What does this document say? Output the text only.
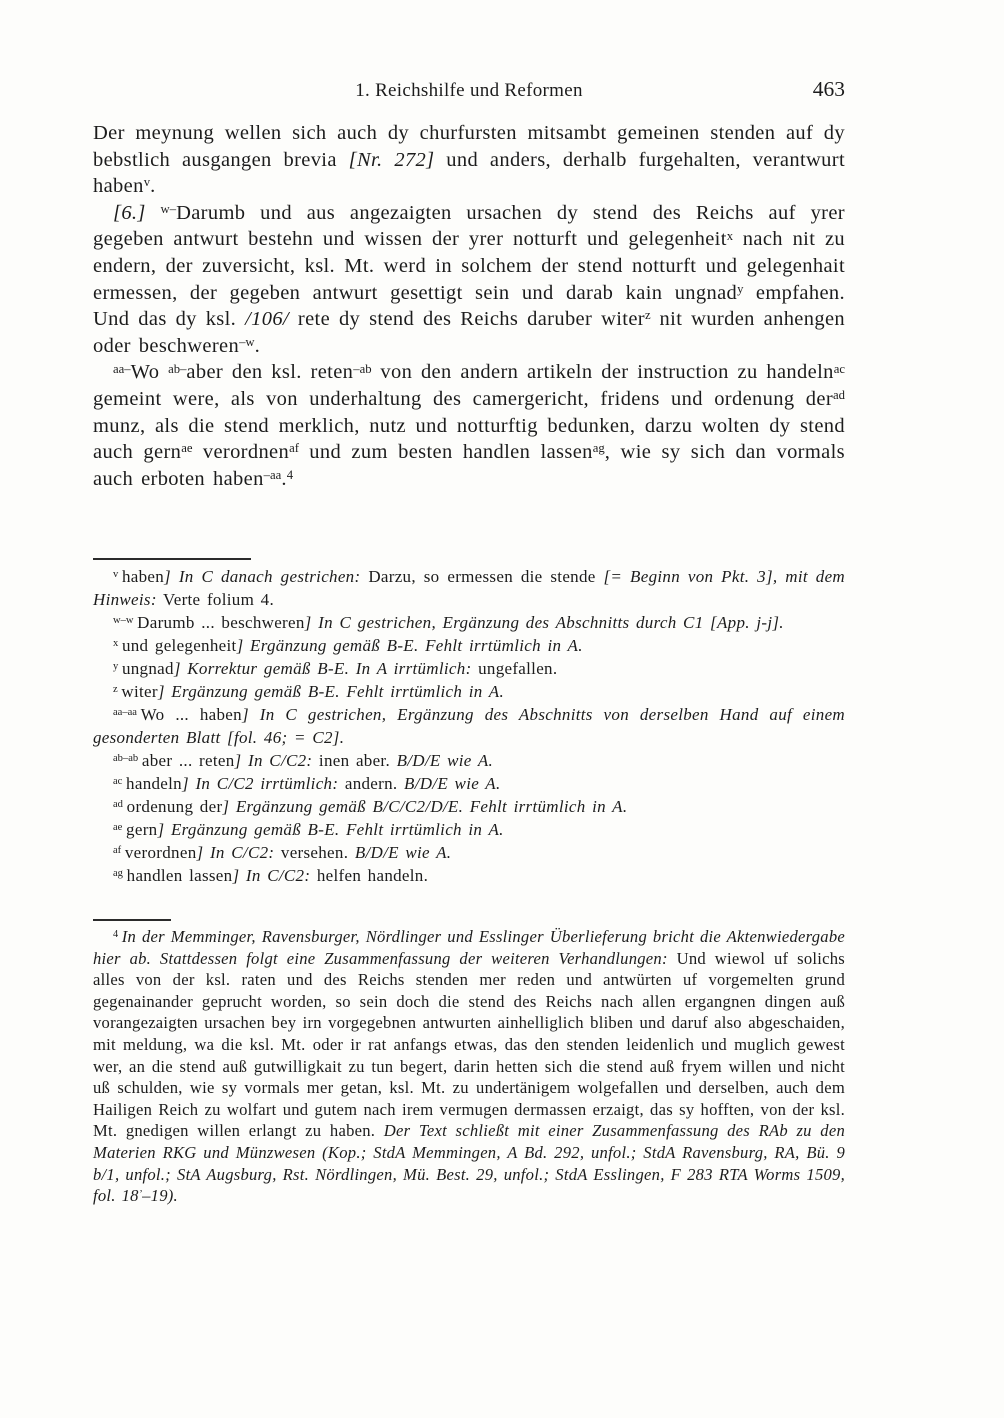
1. Reichshilfe und Reformen	463

Der meynung wellen sich auch dy churfursten mitsambt gemeinen stenden auf dy bebstlich ausgangen brevia [Nr. 272] und anders, derhalb furgehalten, verantwurt haben$^v$.

[6.] $^{w-}$Darumb und aus angezaigten ursachen dy stend des Reichs auf yrer gegeben antwurt bestehn und wissen der yrer notturft und gelegenheit$^x$ nach nit zu endern, der zuversicht, ksl. Mt. werd in solchem der stend notturft und gelegenhait ermessen, der gegeben antwurt gesettigt sein und darab kain ungnad$^y$ empfahen. Und das dy ksl. /106/ rete dy stend des Reichs daruber witer$^z$ nit wurden anhengen oder beschweren$^{-w}$.

$^{aa-}$Wo $^{ab-}$aber den ksl. reten$^{-ab}$ von den andern artikeln der instruction zu handeln$^{ac}$ gemeint were, als von underhaltung des camergericht, fridens und ordenung der$^{ad}$ munz, als die stend merklich, nutz und notturftig bedunken, darzu wolten dy stend auch gern$^{ae}$ verordnen$^{af}$ und zum besten handlen lassen$^{ag}$, wie sy sich dan vormals auch erboten haben$^{-aa}$.$^4$

$^v$ haben] In C danach gestrichen: Darzu, so ermessen die stende [= Beginn von Pkt. 3], mit dem Hinweis: Verte folium 4.

$^{w-w}$ Darumb ... beschweren] In C gestrichen, Ergänzung des Abschnitts durch C1 [App. j-j].

$^x$ und gelegenheit] Ergänzung gemäß B-E. Fehlt irrtümlich in A.

$^y$ ungnad] Korrektur gemäß B-E. In A irrtümlich: ungefallen.

$^z$ witer] Ergänzung gemäß B-E. Fehlt irrtümlich in A.

$^{aa-aa}$ Wo ... haben] In C gestrichen, Ergänzung des Abschnitts von derselben Hand auf einem gesonderten Blatt [fol. 46; = C2].

$^{ab-ab}$ aber ... reten] In C/C2: inen aber. B/D/E wie A.

$^{ac}$ handeln] In C/C2 irrtümlich: andern. B/D/E wie A.

$^{ad}$ ordenung der] Ergänzung gemäß B/C/C2/D/E. Fehlt irrtümlich in A.

$^{ae}$ gern] Ergänzung gemäß B-E. Fehlt irrtümlich in A.

$^{af}$ verordnen] In C/C2: versehen. B/D/E wie A.

$^{ag}$ handlen lassen] In C/C2: helfen handeln.

$^4$ In der Memminger, Ravensburger, Nördlinger und Esslinger Überlieferung bricht die Aktenwiedergabe hier ab. Stattdessen folgt eine Zusammenfassung der weiteren Verhandlungen: Und wiewol uf solichs alles von der ksl. raten und des Reichs stenden mer reden und antwürten uf vorgemelten grund gegenainander geprucht worden, so sein doch die stend des Reichs nach allen ergangnen dingen auß vorangezaigten ursachen bey irn vorgegebnen antwurten ainhelliglich bliben und daruf also abgeschaiden, mit meldung, wa die ksl. Mt. oder ir rat anfangs etwas, das den stenden leidenlich und muglich gewest wer, an die stend auß gutwilligkait zu tun begert, darin hetten sich die stend auß fryem willen und nicht uß schulden, wie sy vormals mer getan, ksl. Mt. zu undertänigem wolgefallen und derselben, auch dem Hailigen Reich zu wolfart und gutem nach irem vermugen dermassen erzaigt, das sy hofften, von der ksl. Mt. gnedigen willen erlangt zu haben. Der Text schließt mit einer Zusammenfassung des RAb zu den Materien RKG und Münzwesen (Kop.; StdA Memmingen, A Bd. 292, unfol.; StdA Ravensburg, RA, Bü. 9 b/1, unfol.; StA Augsburg, Rst. Nördlingen, Mü. Best. 29, unfol.; StdA Esslingen, F 283 RTA Worms 1509, fol. 18’–19).
